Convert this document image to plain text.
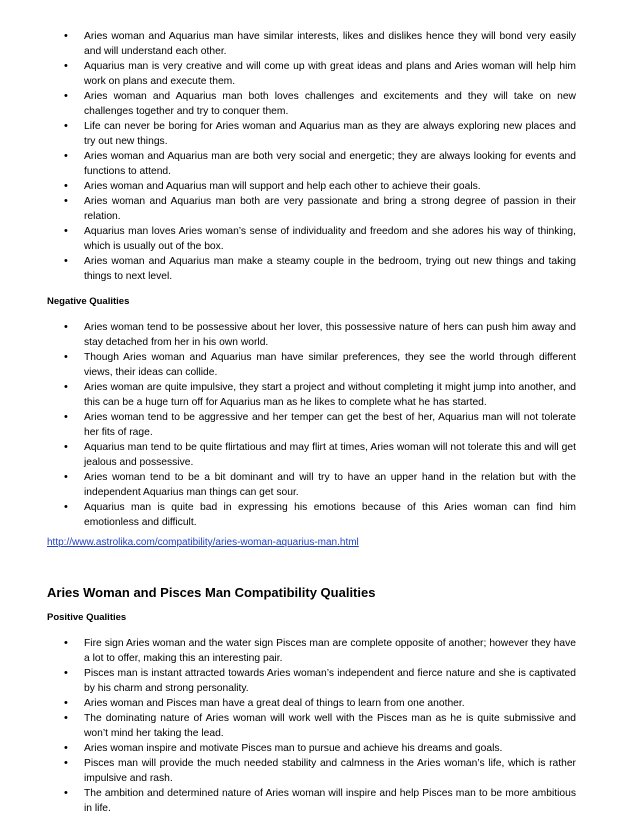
• Aries woman and Aquarius man have similar interests, likes and dislikes hence they will bond very easily and will understand each other.
• Aquarius man is very creative and will come up with great ideas and plans and Aries woman will help him work on plans and execute them.
• Aries woman and Aquarius man both loves challenges and excitements and they will take on new challenges together and try to conquer them.
• Life can never be boring for Aries woman and Aquarius man as they are always exploring new places and try out new things.
• Aries woman and Aquarius man are both very social and energetic; they are always looking for events and functions to attend.
• Aries woman and Aquarius man will support and help each other to achieve their goals.
• Aries woman and Aquarius man both are very passionate and bring a strong degree of passion in their relation.
• Aquarius man loves Aries woman’s sense of individuality and freedom and she adores his way of thinking, which is usually out of the box.
• Aries woman and Aquarius man make a steamy couple in the bedroom, trying out new things and taking things to next level.

Negative Qualities

• Aries woman tend to be possessive about her lover, this possessive nature of hers can push him away and stay detached from her in his own world.
• Though Aries woman and Aquarius man have similar preferences, they see the world through different views, their ideas can collide.
• Aries woman are quite impulsive, they start a project and without completing it might jump into another, and this can be a huge turn off for Aquarius man as he likes to complete what he has started.
• Aries woman tend to be aggressive and her temper can get the best of her, Aquarius man will not tolerate her fits of rage.
• Aquarius man tend to be quite flirtatious and may flirt at times, Aries woman will not tolerate this and will get jealous and possessive.
• Aries woman tend to be a bit dominant and will try to have an upper hand in the relation but with the independent Aquarius man things can get sour.
• Aquarius man is quite bad in expressing his emotions because of this Aries woman can find him emotionless and difficult.
http://www.astrolika.com/compatibility/aries-woman-aquarius-man.html

Aries Woman and Pisces Man Compatibility Qualities

Positive Qualities

• Fire sign Aries woman and the water sign Pisces man are complete opposite of another; however they have a lot to offer, making this an interesting pair.
• Pisces man is instant attracted towards Aries woman’s independent and fierce nature and she is captivated by his charm and strong personality.
• Aries woman and Pisces man have a great deal of things to learn from one another.
• The dominating nature of Aries woman will work well with the Pisces man as he is quite submissive and won’t mind her taking the lead.
• Aries woman inspire and motivate Pisces man to pursue and achieve his dreams and goals.
• Pisces man will provide the much needed stability and calmness in the Aries woman’s life, which is rather impulsive and rash.
• The ambition and determined nature of Aries woman will inspire and help Pisces man to be more ambitious in life.
